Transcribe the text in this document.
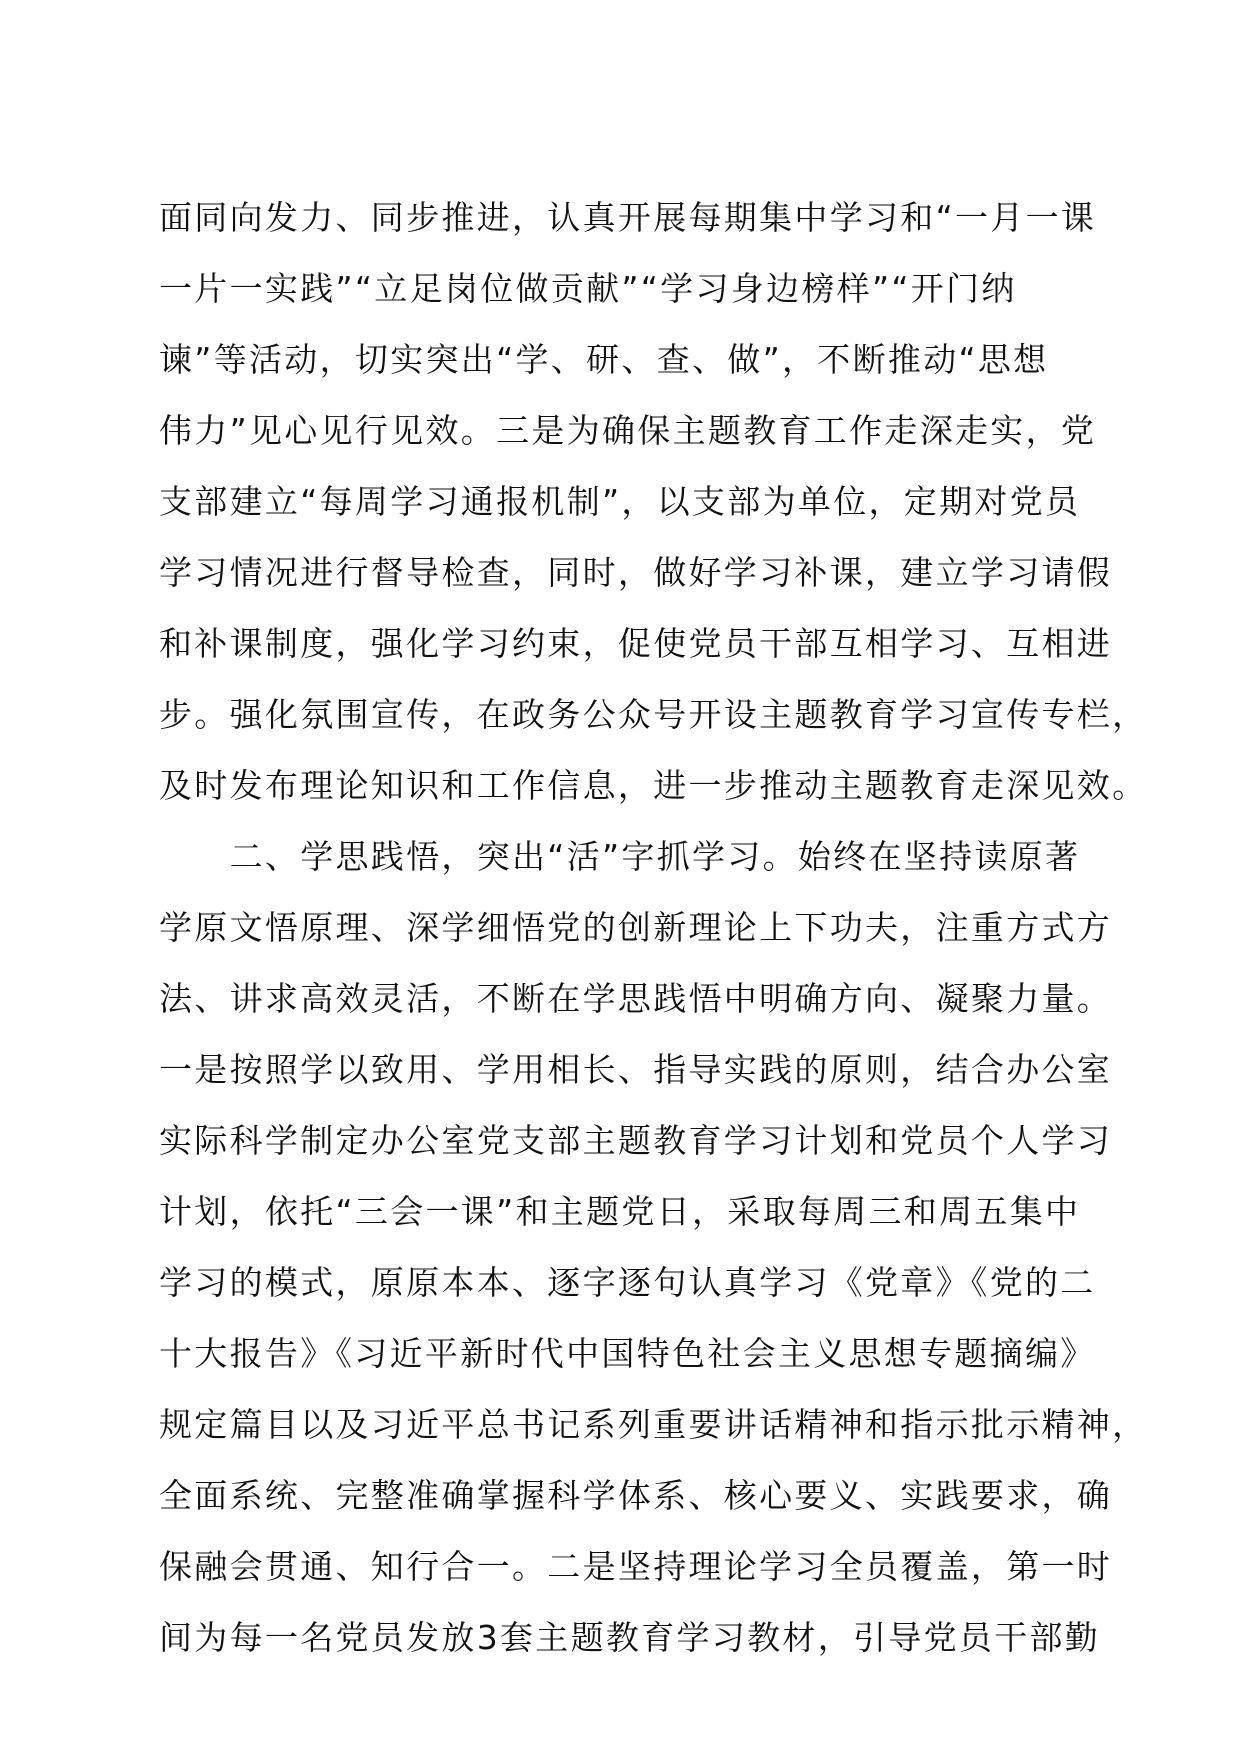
面同向发力、同步推进，认真开展每期集中学习和“一月一课
一片一实践”“立足岗位做贡献”“学习身边榜样”“开门纳
谏”等活动，切实突出“学、研、查、做”，不断推动“思想
伟力”见心见行见效。三是为确保主题教育工作走深走实，党
支部建立“每周学习通报机制”，以支部为单位，定期对党员
学习情况进行督导检查，同时，做好学习补课，建立学习请假
和补课制度，强化学习约束，促使党员干部互相学习、互相进
步。强化氛围宣传，在政务公众号开设主题教育学习宣传专栏，
及时发布理论知识和工作信息，进一步推动主题教育走深见效。
　　二、学思践悟，突出“活”字抓学习。始终在坚持读原著
学原文悟原理、深学细悟党的创新理论上下功夫，注重方式方
法、讲求高效灵活，不断在学思践悟中明确方向、凝聚力量。
一是按照学以致用、学用相长、指导实践的原则，结合办公室
实际科学制定办公室党支部主题教育学习计划和党员个人学习
计划，依托“三会一课”和主题党日，采取每周三和周五集中
学习的模式，原原本本、逐字逐句认真学习《党章》《党的二
十大报告》《习近平新时代中国特色社会主义思想专题摘编》
规定篇目以及习近平总书记系列重要讲话精神和指示批示精神，
全面系统、完整准确掌握科学体系、核心要义、实践要求，确
保融会贯通、知行合一。二是坚持理论学习全员覆盖，第一时
间为每一名党员发放3套主题教育学习教材，引导党员干部勤
